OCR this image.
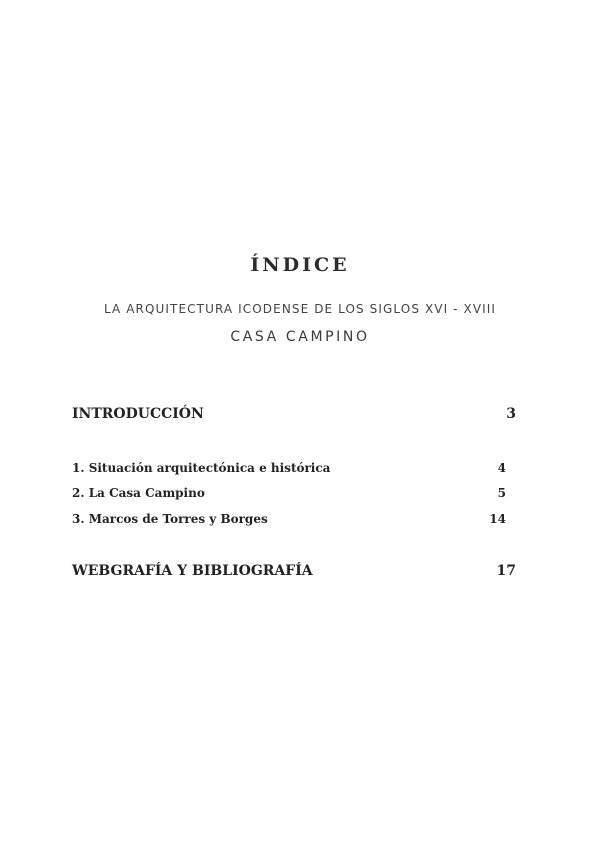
ÍNDICE
LA ARQUITECTURA ICODENSE DE LOS SIGLOS XVI - XVIII
CASA CAMPINO
INTRODUCCIÓN	3
1. Situación arquitectónica e histórica	4
2. La Casa Campino	5
3. Marcos de Torres y Borges	14
WEBGRAFÍA Y BIBLIOGRAFÍA	17
